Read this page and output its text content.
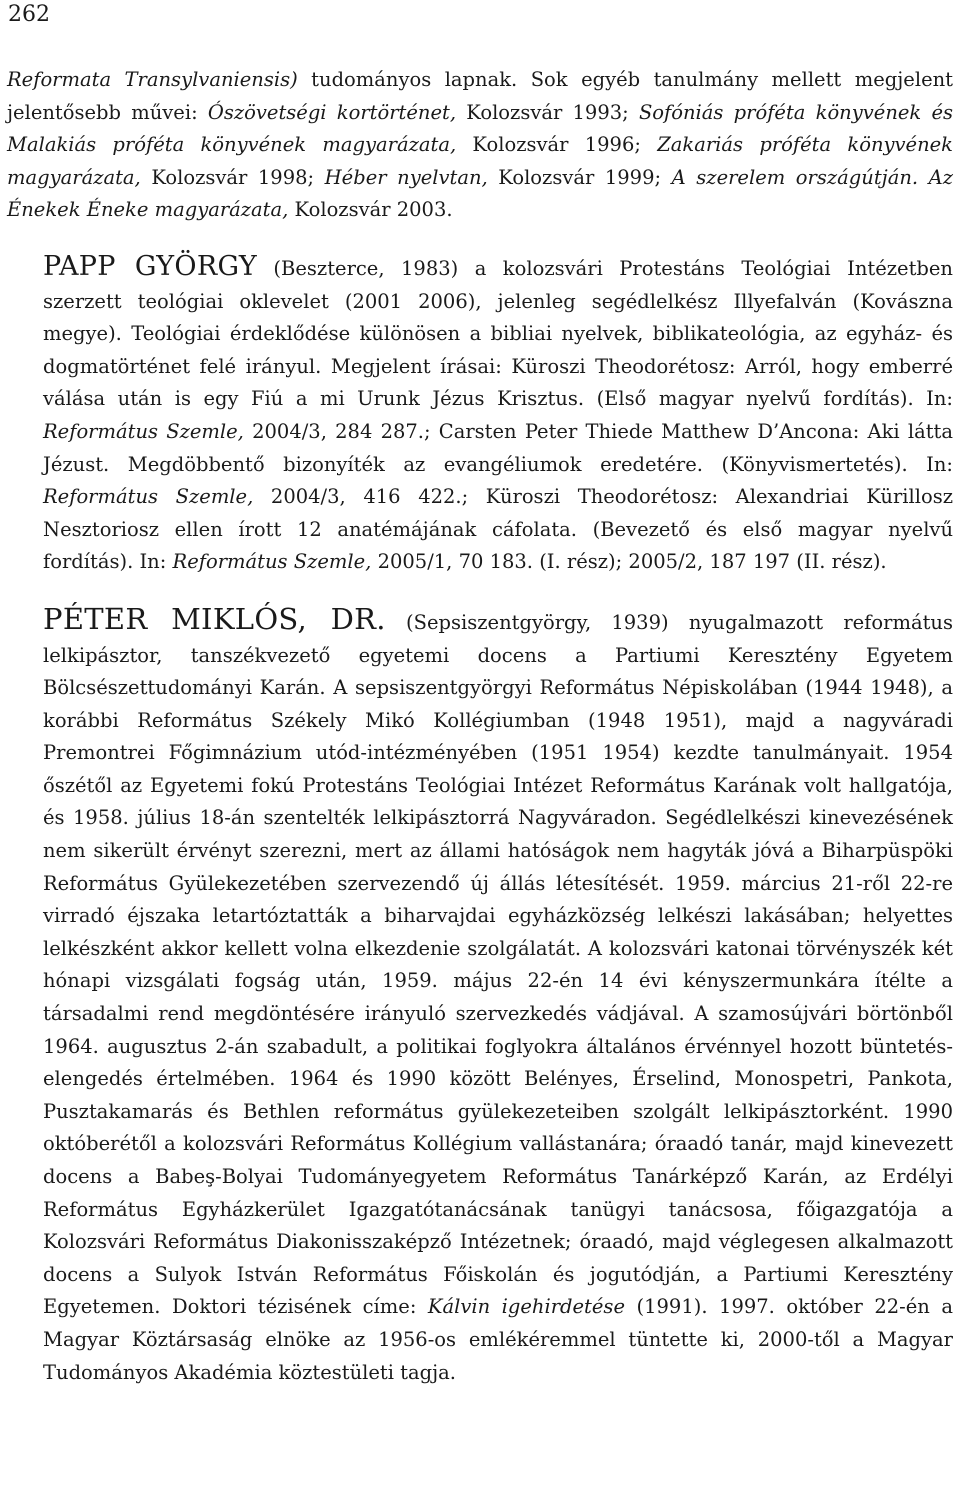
262

Reformata Transylvaniensis) tudományos lapnak. Sok egyéb tanulmány mellett megjelent jelentősebb művei: Ószövetségi kortörténet, Kolozsvár 1993; Sofóniás próféta könyvének és Malakiás próféta könyvének magyarázata, Kolozsvár 1996; Zakariás próféta könyvének magyarázata, Kolozsvár 1998; Héber nyelvtan, Kolozsvár 1999; A szerelem országútján. Az Énekek Éneke magyarázata, Kolozsvár 2003.

PAPP GYÖRGY (Beszterce, 1983) a kolozsvári Protestáns Teológiai Intézetben szerzett teológiai oklevelet (2001 2006), jelenleg segédlelkész Illyefalván (Kovászna megye). Teológiai érdeklődése különösen a bibliai nyelvek, biblikateológia, az egyház- és dogmatörténet felé irányul. Megjelent írásai: Küroszi Theodorétosz: Arról, hogy emberré válása után is egy Fiú a mi Urunk Jézus Krisztus. (Első magyar nyelvű fordítás). In: Református Szemle, 2004/3, 284 287.; Carsten Peter Thiede Matthew D’Ancona: Aki látta Jézust. Megdöbbentő bizonyíték az evangéliumok eredetére. (Könyvismertetés). In: Református Szemle, 2004/3, 416 422.; Küroszi Theodorétosz: Alexandriai Kürillosz Nesztoriosz ellen írott 12 anatémájának cáfolata. (Bevezető és első magyar nyelvű fordítás). In: Református Szemle, 2005/1, 70 183. (I. rész); 2005/2, 187 197 (II. rész).

PÉTER MIKLÓS, DR. (Sepsiszentgyörgy, 1939) nyugalmazott református lelkipásztor, tanszékvezető egyetemi docens a Partiumi Keresztény Egyetem Bölcsészettudományi Karán. A sepsiszentgyörgyi Református Népiskolában (1944 1948), a korábbi Református Székely Mikó Kollégiumban (1948 1951), majd a nagyváradi Premontrei Főgimnázium utód-intézményében (1951 1954) kezdte tanulmányait. 1954 őszétől az Egyetemi fokú Protestáns Teológiai Intézet Református Karának volt hallgatója, és 1958. július 18-án szentelték lelkipásztorrá Nagyváradon. Segédlelkészi kinevezésének nem sikerült érvényt szerezni, mert az állami hatóságok nem hagyták jóvá a Biharpüspöki Református Gyülekezetében szervezendő új állás létesítését. 1959. március 21-ről 22-re virradó éjszaka letartóztatták a biharvajdai egyházközség lelkészi lakásában; helyettes lelkészként akkor kellett volna elkezdenie szolgálatát. A kolozsvári katonai törvényszék két hónapi vizsgálati fogság után, 1959. május 22-én 14 évi kényszermunkára ítélte a társadalmi rend megdöntésére irányuló szervezkedés vádjával. A szamosújvári börtönből 1964. augusztus 2-án szabadult, a politikai foglyokra általános érvénnyel hozott büntetés-elengedés értelmében. 1964 és 1990 között Belényes, Érselind, Monospetri, Pankota, Pusztakamarás és Bethlen református gyülekezeteiben szolgált lelkipásztorként. 1990 októberétől a kolozsvári Református Kollégium vallástanára; óraadó tanár, majd kinevezett docens a Babeş-Bolyai Tudományegyetem Református Tanárképző Karán, az Erdélyi Református Egyházkerület Igazgatótanácsának tanügyi tanácsosa, főigazgatója a Kolozsvári Református Diakonisszaképző Intézetnek; óraadó, majd véglegesen alkalmazott docens a Sulyok István Református Főiskolán és jogutódján, a Partiumi Keresztény Egyetemen. Doktori tézisének címe: Kálvin igehirdetése (1991). 1997. október 22-én a Magyar Köztársaság elnöke az 1956-os emlékéremmel tüntette ki, 2000-től a Magyar Tudományos Akadémia köztestületi tagja.
